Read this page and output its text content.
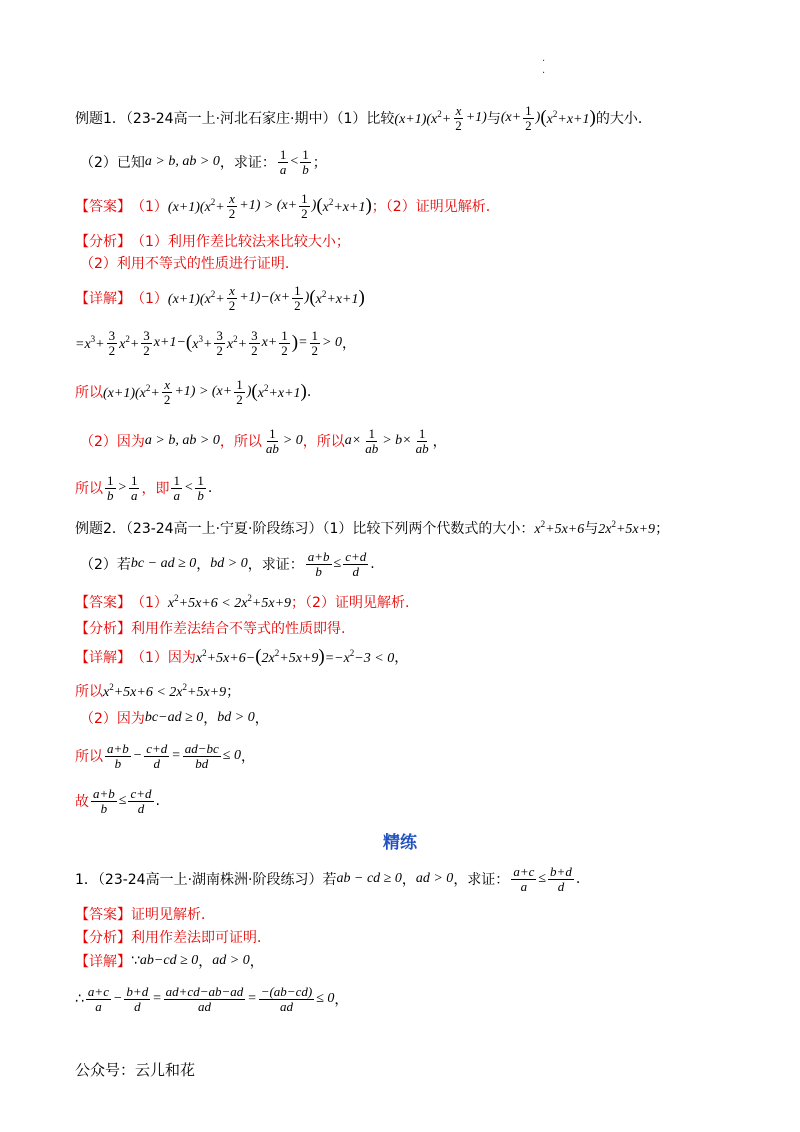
·
·
例题1．（23-24高一上·河北石家庄·期中）（1）比较 $(x+1)(x^2+ \frac{x}{2} +1)$ 与 ($x+ \frac{1}{2}$ ) ( $x^2+x+1$ ) 的大小．
（2）已知 a > b, ab > 0 ，求证： $\frac{1}{a} < \frac{1}{b}$ ；
【答案】 （1） $(x+1)(x^2+ \frac{x}{2} +1) > (x+ \frac{1}{2}$ ) ( $x^2+x+1$ ) ；（2）证明见解析.
【分析】 （1）利用作差比较法来比较大小；
（2）利用不等式的性质进行证明.
【详解】 （1） $(x+1)(x^2+ \frac{x}{2} +1)-(x+ \frac{1}{2}$ ) ( $x^2+x+1$ )
$=x^3+ \frac{3}{2} x^2+ \frac{3}{2} x+1-$ ( $x^3+ \frac{3}{2} x^2+ \frac{3}{2} x+ \frac{1}{2}$ ) = $\frac{1}{2} > 0$ ，
所以 $(x+1)(x^2+ \frac{x}{2} +1) > (x+ \frac{1}{2}$ ) ( $x^2+x+1$ ) .
（2）因为 a > b, ab > 0 ，所以 $\frac{1}{ab} > 0$ ，所以 $a\times \frac{1}{ab} > b\times \frac{1}{ab}$ ，
所以 $\frac{1}{b} > \frac{1}{a}$ ，即 $\frac{1}{a} < \frac{1}{b}$ .
例题2．（23-24高一上·宁夏·阶段练习）（1）比较下列两个代数式的大小： $x^2+5x+6$ 与 $2x^2+5x+9$ ；
（2）若 bc − ad ≥ 0 ， bd > 0 ，求证： $\frac{a+b}{b} \le \frac{c+d}{d}$ .
【答案】 （1） $x^2+5x+6 < 2x^2+5x+9$ ；（2）证明见解析.
【分析】 利用作差法结合不等式的性质即得.
【详解】 （1）因为 $x^2+5x+6-$ ( $2x^2+5x+9$ ) $=-x^2-3 < 0$ ，
所以 $x^2+5x+6 < 2x^2+5x+9$ ；
（2）因为 bc−ad ≥ 0 ， bd > 0 ，
所以 $\frac{a+b}{b} - \frac{c+d}{d} = \frac{ad-bc}{bd} \le 0$ ，
故 $\frac{a+b}{b} \le \frac{c+d}{d}$ .
精练
1．（23-24高一上·湖南株洲·阶段练习）若 ab − cd ≥ 0 ， ad > 0 ，求证： $\frac{a+c}{a} \le \frac{b+d}{d}$ .
【答案】 证明见解析．
【分析】 利用作差法即可证明．
【详解】 ∵ ab−cd ≥ 0 ， ad > 0 ，
∴ $\frac{a+c}{a} - \frac{b+d}{d} = \frac{ad+cd-ab-ad}{ad} = \frac{-(ab-cd)}{ad} \le 0$ ，
公众号：云儿和花
